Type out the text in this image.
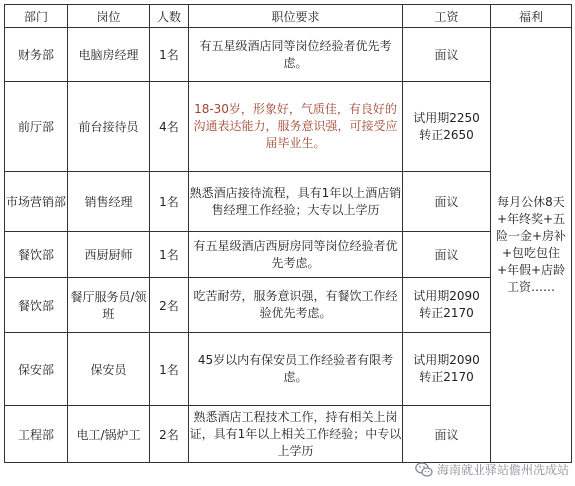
部门	岗位	人数	职位要求	工资	福利
财务部	电脑房经理	1名	有五星级酒店同等岗位经验者优先考虑。	面议	每月公休8天+年终奖+五险一金+房补+包吃包住+年假+店龄工资……
前厅部	前台接待员	4名	18-30岁，形象好，气质佳，有良好的沟通表达能力，服务意识强，可接受应届毕业生。	试用期2250
转正2650	

市场营销部	销售经理	1名	熟悉酒店接待流程，具有1年以上酒店销售经理工作经验；大专以上学历	面议	
餐饮部	西厨厨师	1名	有五星级酒店西厨房同等岗位经验者优先考虑。	面议	
餐饮部	餐厅服务员/领班	2名	吃苦耐劳，服务意识强，有餐饮工作经验优先考虑。	试用期2090
转正2170	

保安部	保安员	1名	45岁以内有保安员工作经验者有限考虑。	试用期2090
转正2170	

工程部	电工/锅炉工	2名	熟悉酒店工程技术工作，持有相关上岗证，具有1年以上相关工作经验；中专以上学历	面议	
海南就业驿站儋州冼成站
